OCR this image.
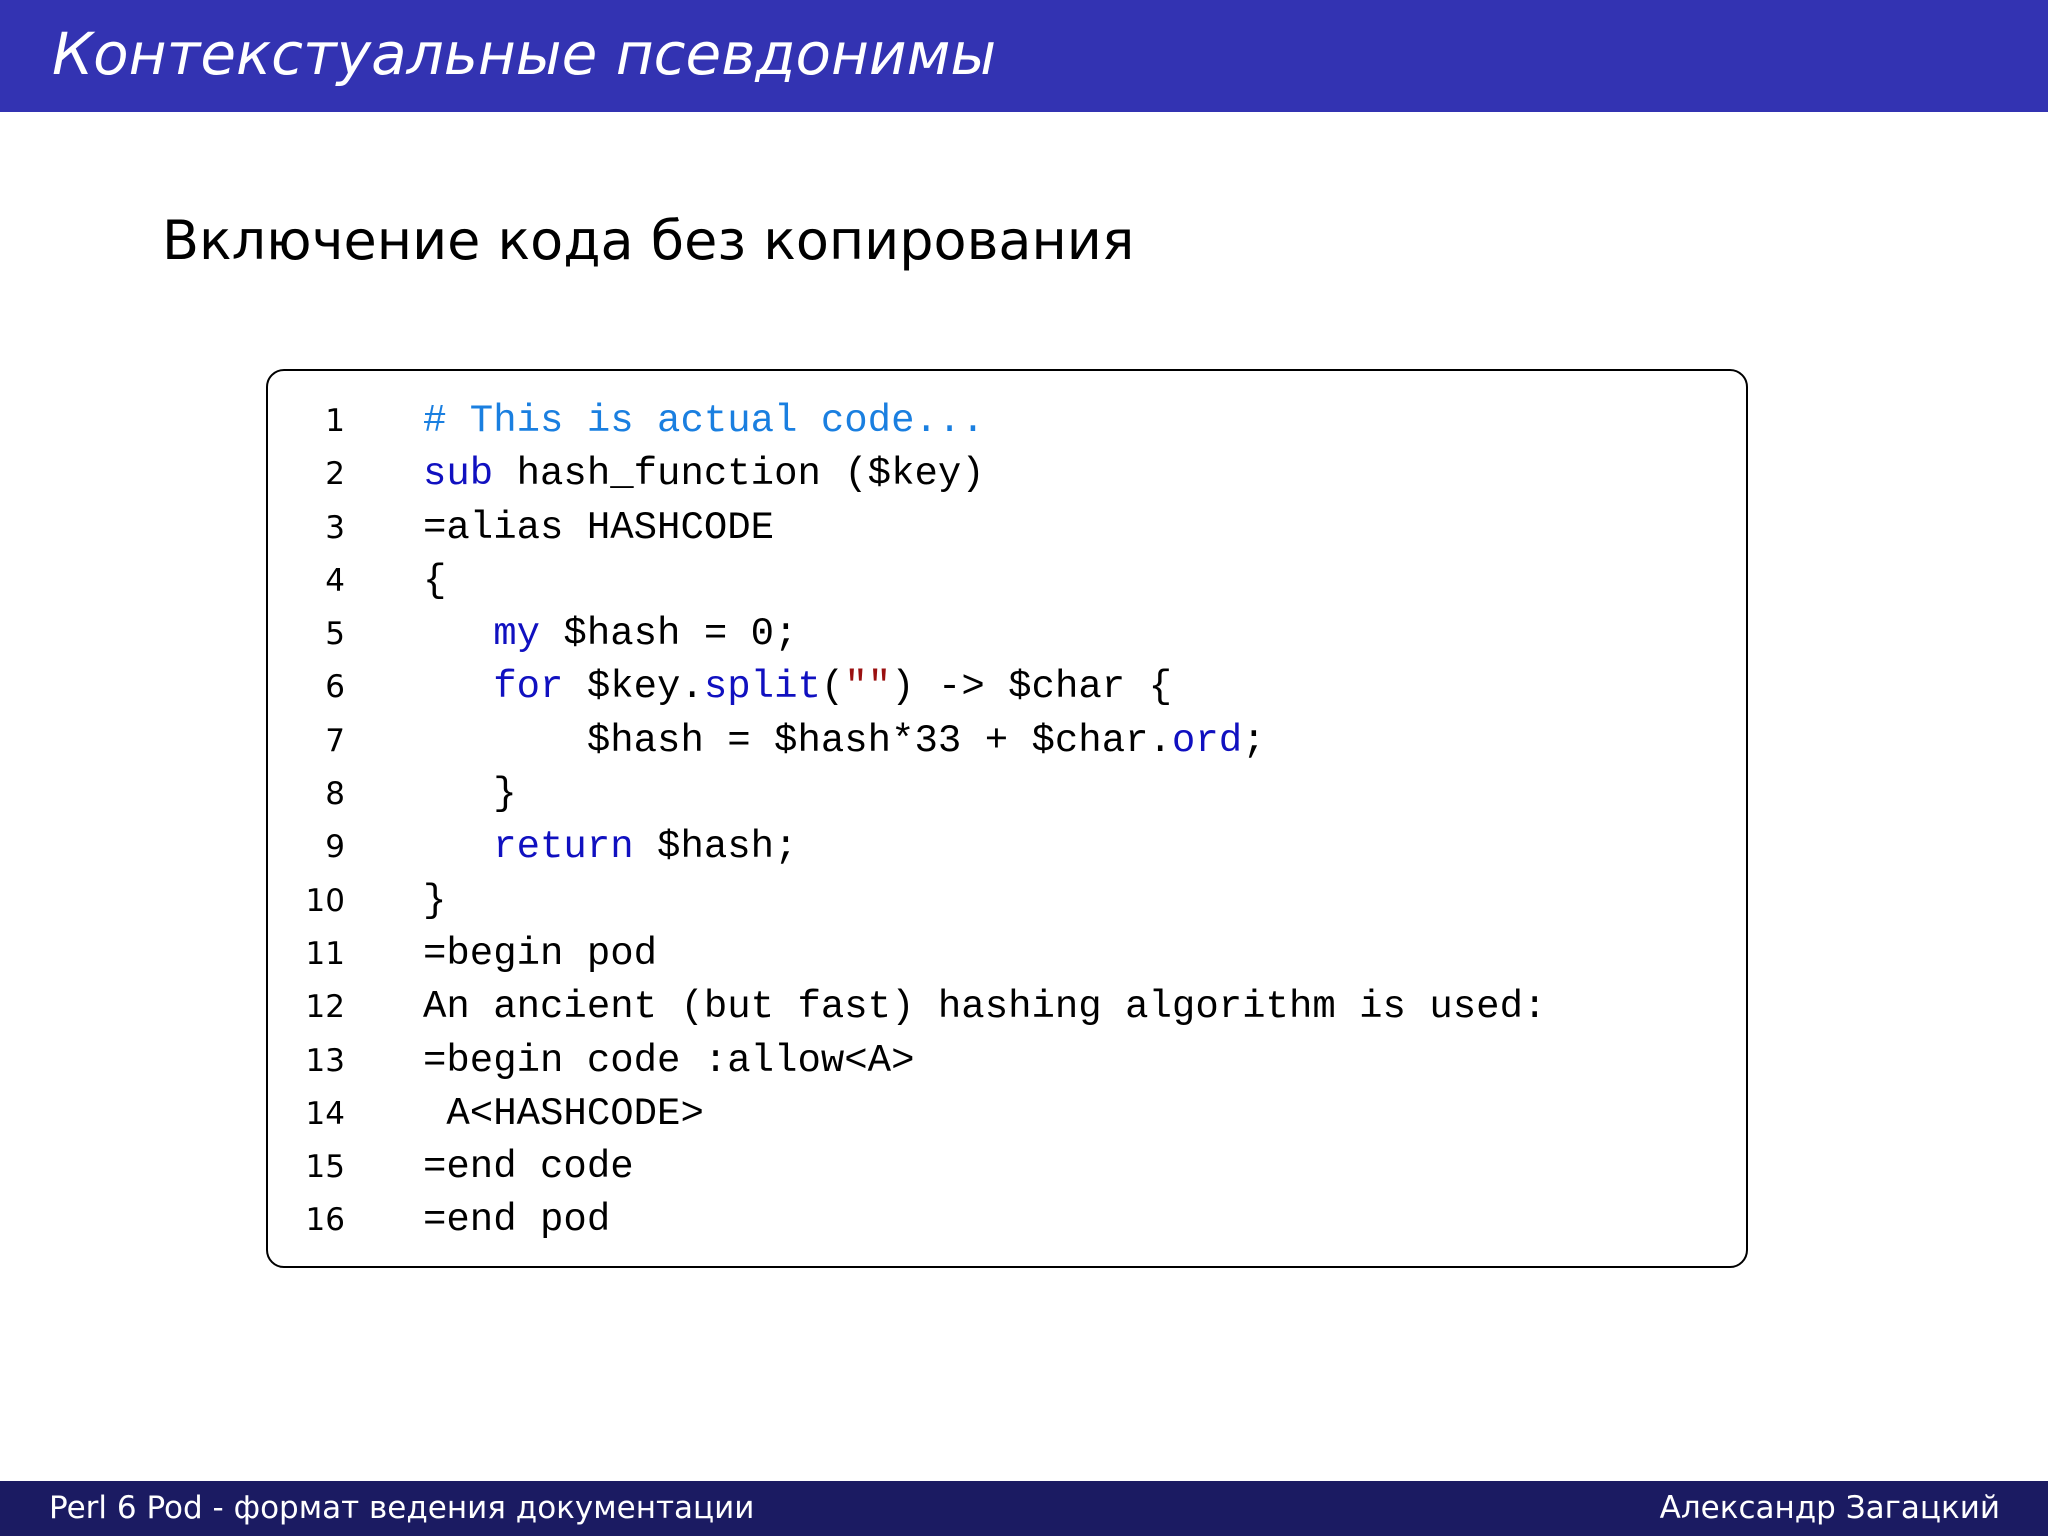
Контекстуальные псевдонимы
Включение кода без копирования
1 # This is actual code...
2 sub hash_function ($key)
3 =alias HASHCODE
4 {
5	my $hash = 0;
6	for $key.split("") -> $char {
7 $hash = $hash*33 + $char.ord;
8 }
9	return $hash;
10 }
11 =begin pod
12 An ancient (but fast) hashing algorithm is used:
13 =begin code :allow<A>
14 A<HASHCODE>
15 =end code
16 =end pod
Perl 6 Pod - формат ведения документации	Александр Загацкий
